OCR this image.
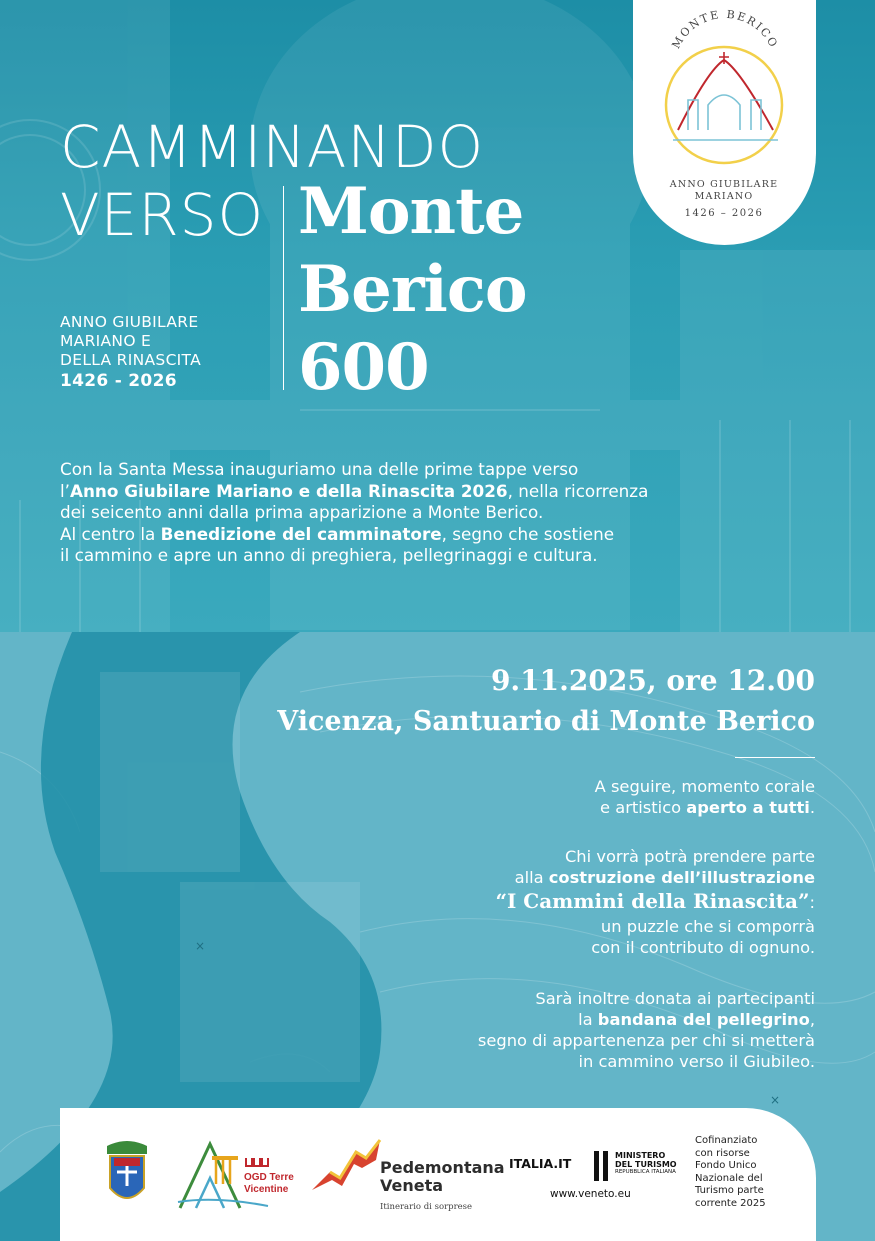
CAMMINANDO
VERSO Monte
Berico
600
ANNO GIUBILARE
MARIANO E
DELLA RINASCITA
1426 - 2026
Con la Santa Messa inauguriamo una delle prime tappe verso
l’Anno Giubilare Mariano e della Rinascita 2026, nella ricorrenza
dei seicento anni dalla prima apparizione a Monte Berico.
Al centro la Benedizione del camminatore, segno che sostiene
il cammino e apre un anno di preghiera, pellegrinaggi e cultura.
MONTE BERICO
ANNO GIUBILARE
MARIANO
1426 – 2026
×
×
9.11.2025, ore 12.00
Vicenza, Santuario di Monte Berico
A seguire, momento corale
e artistico aperto a tutti.
Chi vorrà potrà prendere parte
alla costruzione dell’illustrazione
“I Cammini della Rinascita”:
un puzzle che si comporrà
con il contributo di ognuno.
Sarà inoltre donata ai partecipanti
la bandana del pellegrino,
segno di appartenenza per chi si metterà
in cammino verso il Giubileo.
OGD Terre
Vicentine
Pedemontana
Veneta
Itinerario di sorprese
ITALIA.IT
MINISTERO
DEL TURISMO
REPUBBLICA ITALIANA
www.veneto.eu
Cofinanziato
con risorse
Fondo Unico
Nazionale del
Turismo parte
corrente 2025
